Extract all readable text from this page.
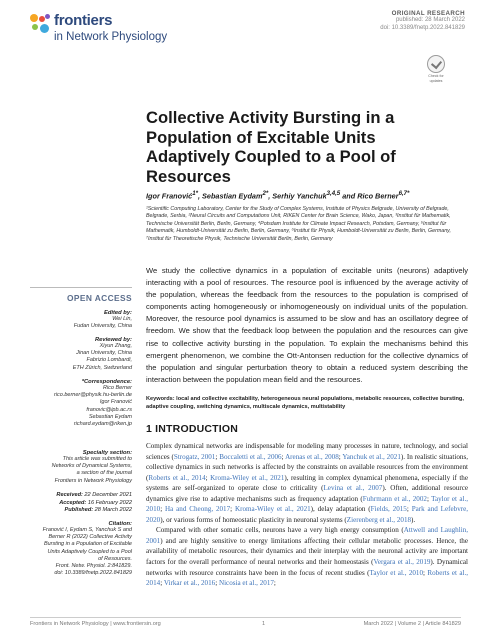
frontiers
in Network Physiology
ORIGINAL RESEARCH
published: 28 March 2022
doi: 10.3389/fnetp.2022.841829
Check for
updates
Collective Activity Bursting in a
Population of Excitable Units
Adaptively Coupled to a Pool of
Resources
Igor Franović$^{1*}$, Sebastian Eydam$^{2*}$, Serhiy Yanchuk$^{3,4,5}$ and Rico Berner$^{6,7*}$
¹Scientific Computing Laboratory, Center for the Study of Complex Systems, Institute of Physics Belgrade, University of Belgrade, Belgrade, Serbia, ²Neural Circuits and Computations Unit, RIKEN Center for Brain Science, Wako, Japan, ³Institut für Mathematik, Technische Universität Berlin, Berlin, Germany, ⁴Potsdam Institute for Climate Impact Research, Potsdam, Germany, ⁵Institut für Mathematik, Humboldt-Universität zu Berlin, Berlin, Germany, ⁶Institut für Physik, Humboldt-Universität zu Berlin, Berlin, Germany, ⁷Institut für Theoretische Physik, Technische Universität Berlin, Berlin, Germany
We study the collective dynamics in a population of excitable units (neurons) adaptively interacting with a pool of resources. The resource pool is influenced by the average activity of the population, whereas the feedback from the resources to the population is comprised of components acting homogeneously or inhomogeneously on individual units of the population. Moreover, the resource pool dynamics is assumed to be slow and has an oscillatory degree of freedom. We show that the feedback loop between the population and the resources can give rise to collective activity bursting in the population. To explain the mechanisms behind this emergent phenomenon, we combine the Ott-Antonsen reduction for the collective dynamics of the population and singular perturbation theory to obtain a reduced system describing the interaction between the population mean field and the resources.
Keywords: local and collective excitability, heterogeneous neural populations, metabolic resources, collective bursting, adaptive coupling, switching dynamics, multiscale dynamics, multistability
1 INTRODUCTION

Complex dynamical networks are indispensable for modeling many processes in nature, technology, and social sciences (Strogatz, 2001; Boccaletti et al., 2006; Arenas et al., 2008; Yanchuk et al., 2021). In realistic situations, collective dynamics in such networks is affected by the constraints on available resources from the environment (Roberts et al., 2014; Kroma-Wiley et al., 2021), resulting in complex dynamical phenomena, especially if the systems are self-organized to operate close to criticality (Levina et al., 2007). Often, additional resource dynamics give rise to adaptive mechanisms such as frequency adaptation (Fuhrmann et al., 2002; Taylor et al., 2010; Ha and Cheong, 2017; Kroma-Wiley et al., 2021), delay adaptation (Fields, 2015; Park and Lefebvre, 2020), or various forms of homeostatic plasticity in neuronal systems (Zierenberg et al., 2018).

Compared with other somatic cells, neurons have a very high energy consumption (Attwell and Laughlin, 2001) and are highly sensitive to energy limitations affecting their cellular metabolic processes. Hence, the availability of metabolic resources, their dynamics and their interplay with the neuronal activity are important factors for the overall performance of neural networks and their homeostasis (Vergara et al., 2019). Dynamical networks with resource constraints have been in the focus of recent studies (Taylor et al., 2010; Roberts et al., 2014; Virkar et al., 2016; Nicosia et al., 2017;

OPEN ACCESS
Edited by:
Wei Lin,
Fudan University, China
Reviewed by:
Xiyun Zhang,
Jinan University, China
Fabrizio Lombardi,
ETH Zürich, Switzerland
*Correspondence:
Rico Berner
rico.berner@physik.hu-berlin.de
Igor Franović
franovic@ipb.ac.rs
Sebastian Eydam
richard.eydam@riken.jp
Specialty section:
This article was submitted to
Networks of Dynamical Systems,
a section of the journal
Frontiers in Network Physiology
Received: 22 December 2021
Accepted: 16 February 2022
Published: 28 March 2022
Citation:
Franović I, Eydam S, Yanchuk S and
Berner R (2022) Collective Activity
Bursting in a Population of Excitable
Units Adaptively Coupled to a Pool
of Resources.
Front. Netw. Physiol. 2:841829.
doi: 10.3389/fnetp.2022.841829
Frontiers in Network Physiology | www.frontiersin.org	1	March 2022 | Volume 2 | Article 841829
